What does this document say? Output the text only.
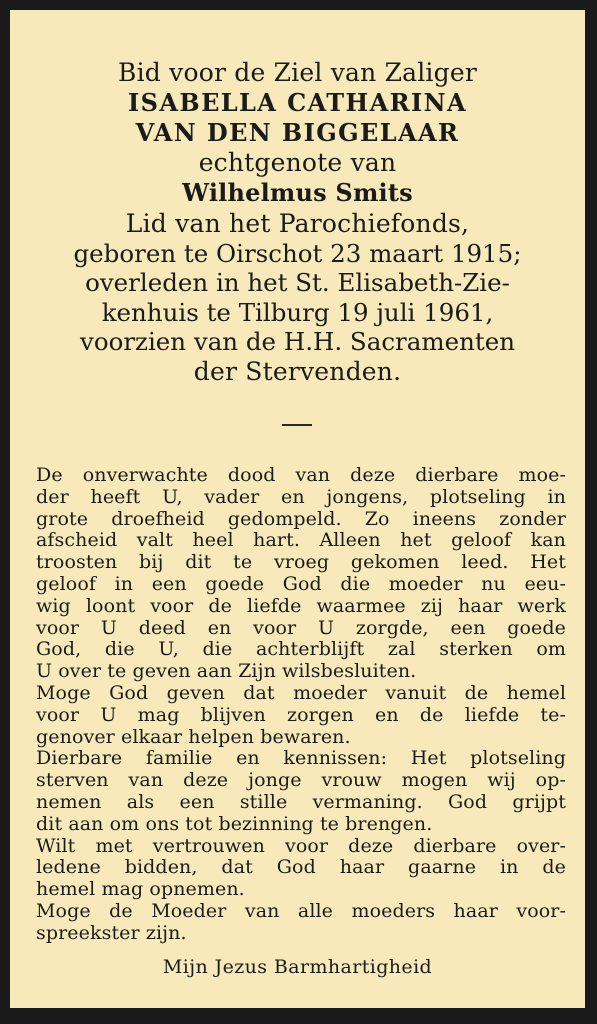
Bid voor de Ziel van Zaliger
ISABELLA CATHARINA
VAN DEN BIGGELAAR
echtgenote van
Wilhelmus Smits
Lid van het Parochiefonds,
geboren te Oirschot 23 maart 1915;
overleden in het St. Elisabeth-Zie-
kenhuis te Tilburg 19 juli 1961,
voorzien van de H.H. Sacramenten
der Stervenden.
De onverwachte dood van deze dierbare moe-
der heeft U, vader en jongens, plotseling in
grote droefheid gedompeld. Zo ineens zonder
afscheid valt heel hart. Alleen het geloof kan
troosten bij dit te vroeg gekomen leed. Het
geloof in een goede God die moeder nu eeu-
wig loont voor de liefde waarmee zij haar werk
voor U deed en voor U zorgde, een goede
God, die U, die achterblijft zal sterken om
U over te geven aan Zijn wilsbesluiten.
Moge God geven dat moeder vanuit de hemel
voor U mag blijven zorgen en de liefde te-
genover elkaar helpen bewaren.
Dierbare familie en kennissen: Het plotseling
sterven van deze jonge vrouw mogen wij op-
nemen als een stille vermaning. God grijpt
dit aan om ons tot bezinning te brengen.
Wilt met vertrouwen voor deze dierbare over-
ledene bidden, dat God haar gaarne in de
hemel mag opnemen.
Moge de Moeder van alle moeders haar voor-
spreekster zijn.
Mijn Jezus Barmhartigheid
